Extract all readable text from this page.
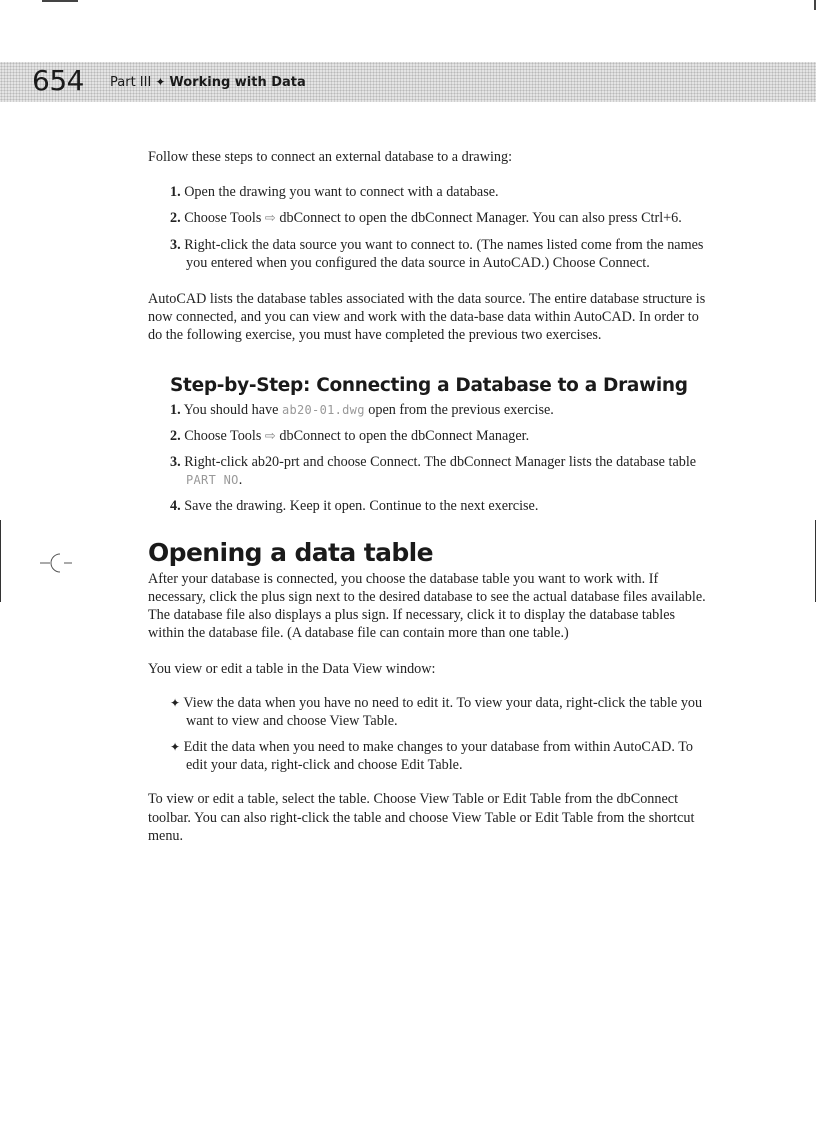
654 Part III ✦ Working with Data

Follow these steps to connect an external database to a drawing:

1. Open the drawing you want to connect with a database.
2. Choose Tools ⇨ dbConnect to open the dbConnect Manager. You can also press Ctrl+6.
3. Right-click the data source you want to connect to. (The names listed come from the names you entered when you configured the data source in AutoCAD.) Choose Connect.

AutoCAD lists the database tables associated with the data source. The entire database structure is now connected, and you can view and work with the data-base data within AutoCAD. In order to do the following exercise, you must have completed the previous two exercises.

Step-by-Step: Connecting a Database to a Drawing
1. You should have ab20-01.dwg open from the previous exercise.
2. Choose Tools ⇨ dbConnect to open the dbConnect Manager.
3. Right-click ab20-prt and choose Connect. The dbConnect Manager lists the database table PART NO.
4. Save the drawing. Keep it open. Continue to the next exercise.
Opening a data table

After your database is connected, you choose the database table you want to work with. If necessary, click the plus sign next to the desired database to see the actual database files available. The database file also displays a plus sign. If necessary, click it to display the database tables within the database file. (A database file can contain more than one table.)

You view or edit a table in the Data View window:

✦ View the data when you have no need to edit it. To view your data, right-click the table you want to view and choose View Table.
✦ Edit the data when you need to make changes to your database from within AutoCAD. To edit your data, right-click and choose Edit Table.

To view or edit a table, select the table. Choose View Table or Edit Table from the dbConnect toolbar. You can also right-click the table and choose View Table or Edit Table from the shortcut menu.
